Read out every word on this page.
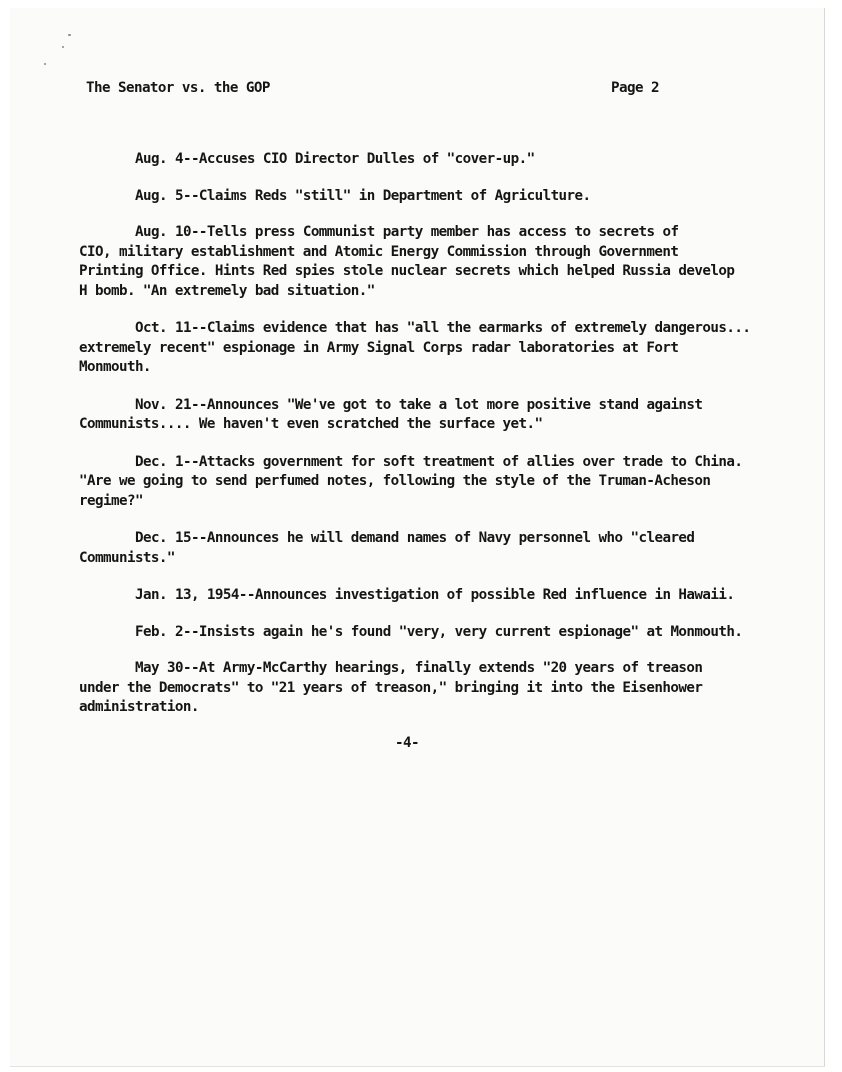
The Senator vs. the GOP	Page 2

Aug. 4--Accuses CIO Director Dulles of "cover-up."

Aug. 5--Claims Reds "still" in Department of Agriculture.

Aug. 10--Tells press Communist party member has access to secrets of
CIO, military establishment and Atomic Energy Commission through Government
Printing Office. Hints Red spies stole nuclear secrets which helped Russia develop
H bomb. "An extremely bad situation."

Oct. 11--Claims evidence that has "all the earmarks of extremely dangerous...
extremely recent" espionage in Army Signal Corps radar laboratories at Fort
Monmouth.

Nov. 21--Announces "We've got to take a lot more positive stand against
Communists.... We haven't even scratched the surface yet."

Dec. 1--Attacks government for soft treatment of allies over trade to China.
"Are we going to send perfumed notes, following the style of the Truman-Acheson
regime?"

Dec. 15--Announces he will demand names of Navy personnel who "cleared
Communists."

Jan. 13, 1954--Announces investigation of possible Red influence in Hawaii.

Feb. 2--Insists again he's found "very, very current espionage" at Monmouth.

May 30--At Army-McCarthy hearings, finally extends "20 years of treason
under the Democrats" to "21 years of treason," bringing it into the Eisenhower
administration.

-4-
